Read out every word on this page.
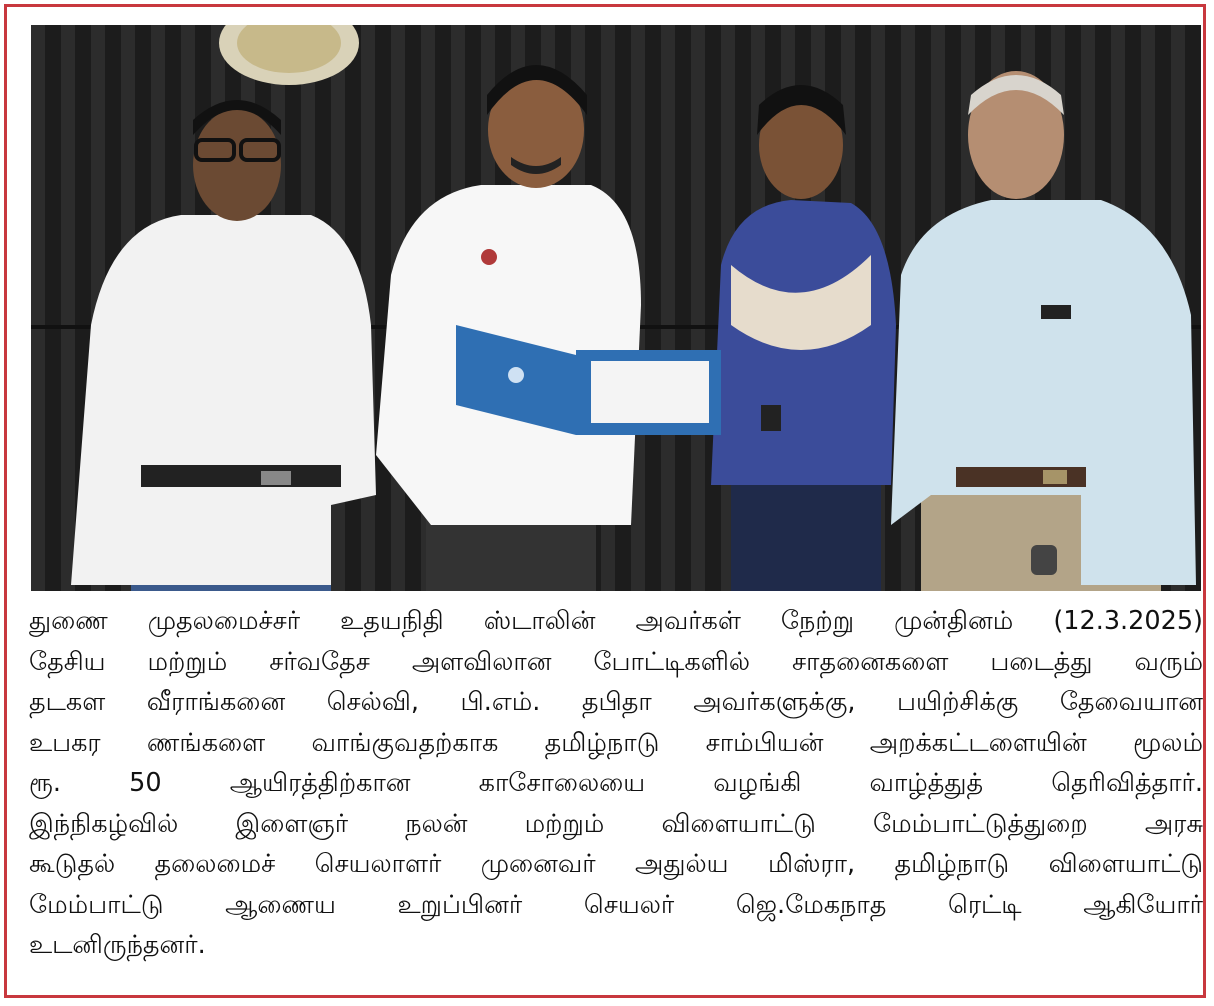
துணை முதலமைச்சர் உதயநிதி ஸ்டாலின் அவர்கள் நேற்று முன்தினம் (12.3.2025)
தேசிய மற்றும் சர்வதேச அளவிலான போட்டிகளில் சாதனைகளை படைத்து வரும்
தடகள வீராங்கனை செல்வி, பி.எம். தபிதா அவர்களுக்கு, பயிற்சிக்கு தேவையான
உபகர ணங்களை வாங்குவதற்காக தமிழ்நாடு சாம்பியன் அறக்கட்டளையின் மூலம்
ரூ. 50 ஆயிரத்திற்கான காசோலையை வழங்கி வாழ்த்துத் தெரிவித்தார்.
இந்நிகழ்வில் இளைஞர் நலன் மற்றும் விளையாட்டு மேம்பாட்டுத்துறை அரசு
கூடுதல் தலைமைச் செயலாளர் முனைவர் அதுல்ய மிஸ்ரா, தமிழ்நாடு விளையாட்டு
மேம்பாட்டு ஆணைய உறுப்பினர் செயலர் ஜெ.மேகநாத ரெட்டி ஆகியோர்
உடனிருந்தனர்.
